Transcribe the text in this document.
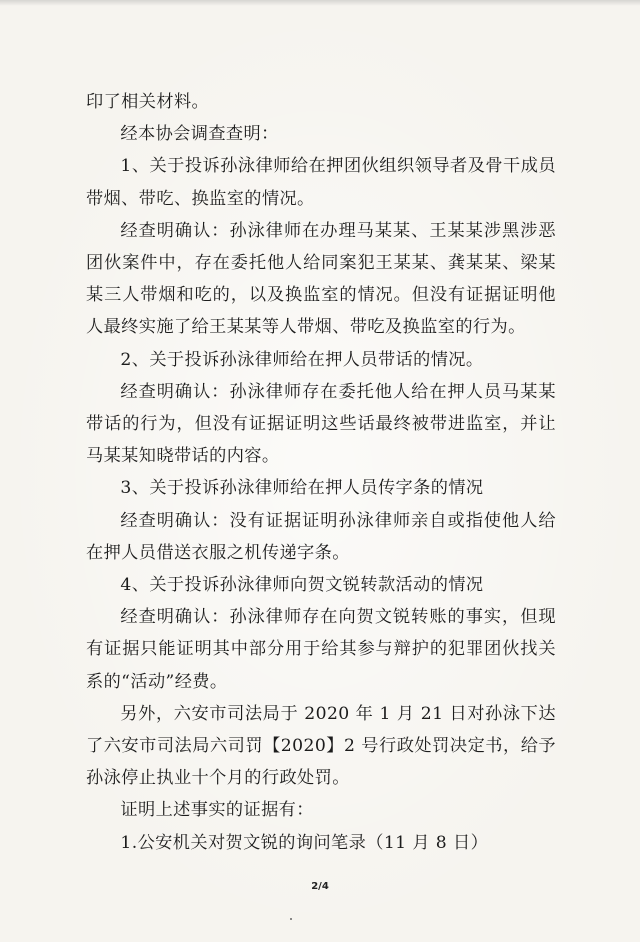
印了相关材料。

经本协会调查查明：

1、关于投诉孙泳律师给在押团伙组织领导者及骨干成员带烟、带吃、换监室的情况。

经查明确认：孙泳律师在办理马某某、王某某涉黑涉恶团伙案件中，存在委托他人给同案犯王某某、龚某某、梁某某三人带烟和吃的，以及换监室的情况。但没有证据证明他人最终实施了给王某某等人带烟、带吃及换监室的行为。

2、关于投诉孙泳律师给在押人员带话的情况。

经查明确认：孙泳律师存在委托他人给在押人员马某某带话的行为，但没有证据证明这些话最终被带进监室，并让马某某知晓带话的内容。

3、关于投诉孙泳律师给在押人员传字条的情况

经查明确认：没有证据证明孙泳律师亲自或指使他人给在押人员借送衣服之机传递字条。

4、关于投诉孙泳律师向贺文锐转款活动的情况

经查明确认：孙泳律师存在向贺文锐转账的事实，但现有证据只能证明其中部分用于给其参与辩护的犯罪团伙找关系的“活动”经费。

另外，六安市司法局于 2020 年 1 月 21 日对孙泳下达了六安市司法局六司罚【2020】2 号行政处罚决定书，给予孙泳停止执业十个月的行政处罚。

证明上述事实的证据有：

1.公安机关对贺文锐的询问笔录（11 月 8 日）

2/4
